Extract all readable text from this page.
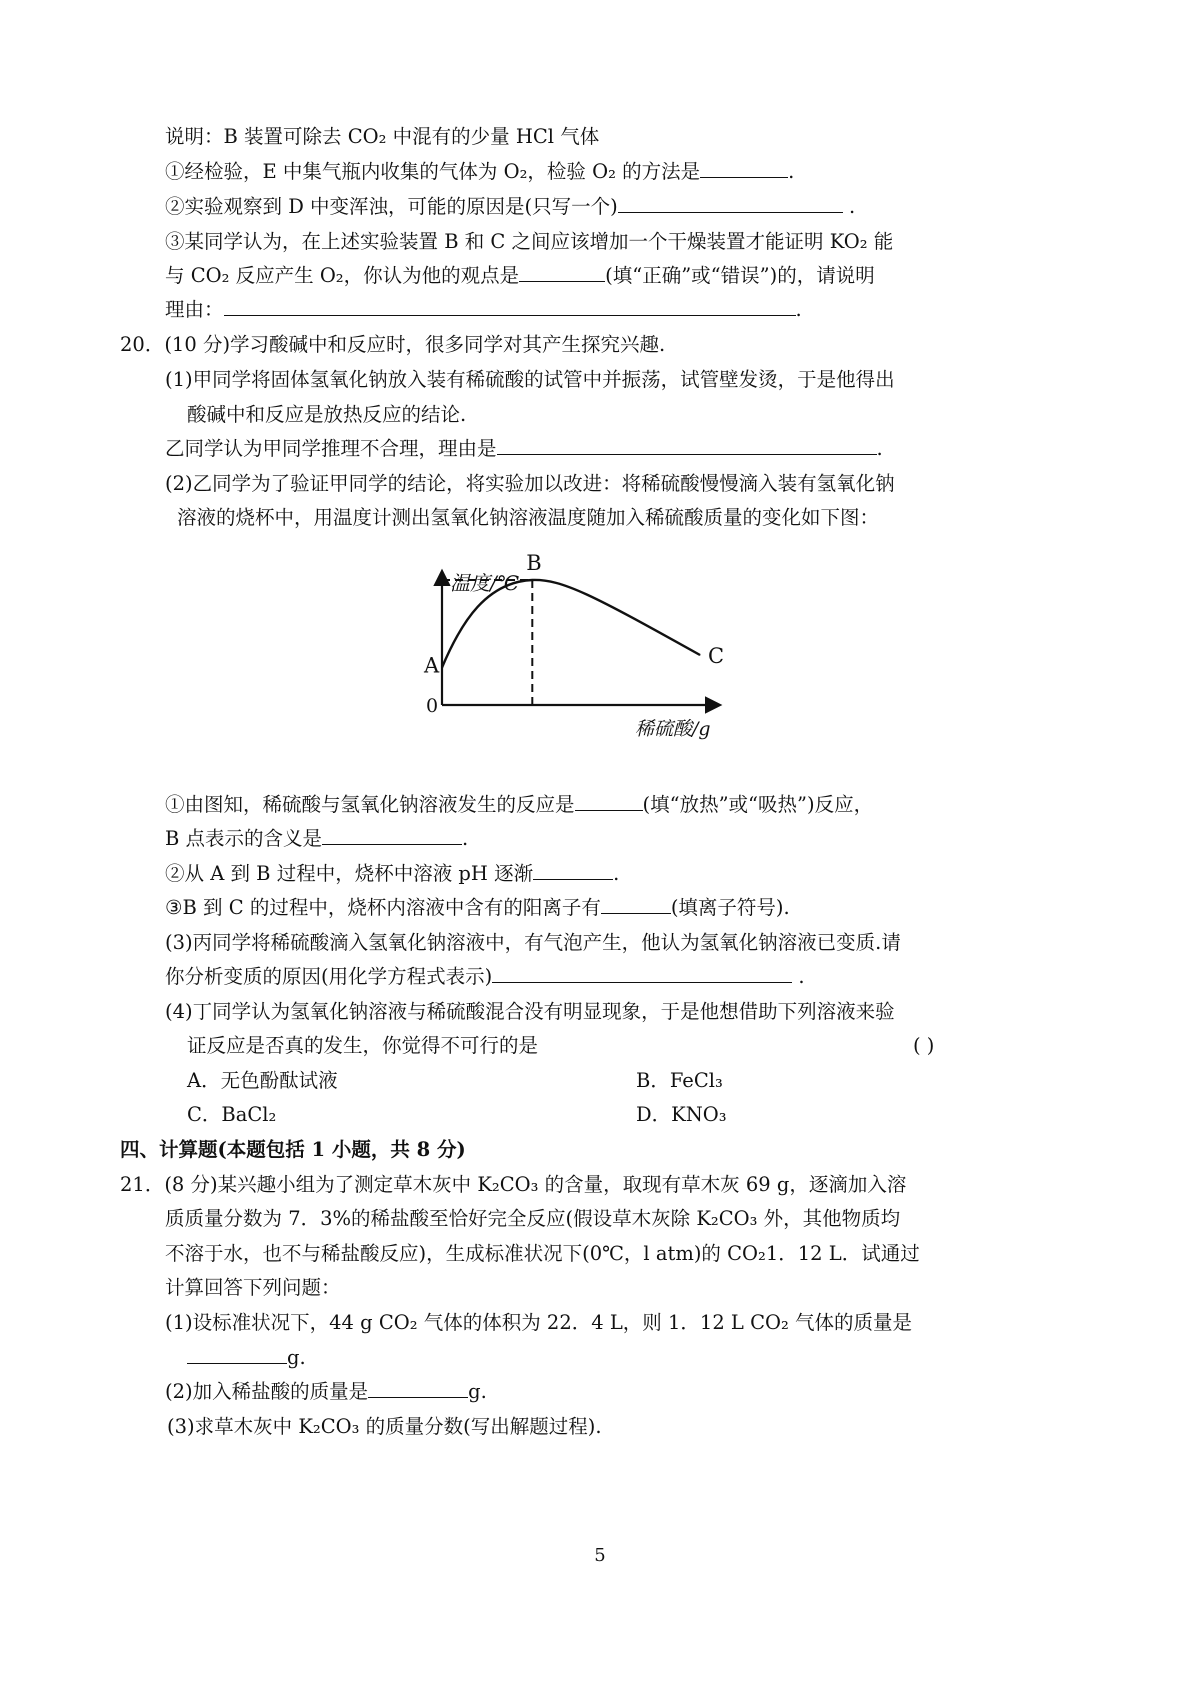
说明：B 装置可除去 CO₂ 中混有的少量 HCl 气体
①经检验，E 中集气瓶内收集的气体为 O₂，检验 O₂ 的方法是	.
②实验观察到 D 中变浑浊，可能的原因是(只写一个)	.
③某同学认为，在上述实验装置 B 和 C 之间应该增加一个干燥装置才能证明 KO₂ 能
与 CO₂ 反应产生 O₂，你认为他的观点是	(填“正确”或“错误”)的，请说明
理由：	.
20．(10 分)学习酸碱中和反应时，很多同学对其产生探究兴趣.
(1)甲同学将固体氢氧化钠放入装有稀硫酸的试管中并振荡，试管壁发烫，于是他得出
酸碱中和反应是放热反应的结论.
乙同学认为甲同学推理不合理，理由是	.
(2)乙同学为了验证甲同学的结论，将实验加以改进：将稀硫酸慢慢滴入装有氢氧化钠
溶液的烧杯中，用温度计测出氢氧化钠溶液温度随加入稀硫酸质量的变化如下图：
温度/℃
稀硫酸/g
0
A
B
C
①由图知，稀硫酸与氢氧化钠溶液发生的反应是	(填“放热”或“吸热”)反应，
B 点表示的含义是	.
②从 A 到 B 过程中，烧杯中溶液 pH 逐渐	.
③B 到 C 的过程中，烧杯内溶液中含有的阳离子有	(填离子符号).
(3)丙同学将稀硫酸滴入氢氧化钠溶液中，有气泡产生，他认为氢氧化钠溶液已变质.请
你分析变质的原因(用化学方程式表示)	.
(4)丁同学认为氢氧化钠溶液与稀硫酸混合没有明显现象，于是他想借助下列溶液来验
证反应是否真的发生，你觉得不可行的是	( )
A．无色酚酞试液	B．FeCl₃
C．BaCl₂	D．KNO₃
四、计算题(本题包括 1 小题，共 8 分)
21．(8 分)某兴趣小组为了测定草木灰中 K₂CO₃ 的含量，取现有草木灰 69 g，逐滴加入溶
质质量分数为 7．3%的稀盐酸至恰好完全反应(假设草木灰除 K₂CO₃ 外，其他物质均
不溶于水，也不与稀盐酸反应)，生成标准状况下(0℃，l atm)的 CO₂1．12 L．试通过
计算回答下列问题：
(1)设标准状况下，44 g CO₂ 气体的体积为 22．4 L，则 1．12 L CO₂ 气体的质量是
g.
(2)加入稀盐酸的质量是	g.
(3)求草木灰中 K₂CO₃ 的质量分数(写出解题过程).
5
